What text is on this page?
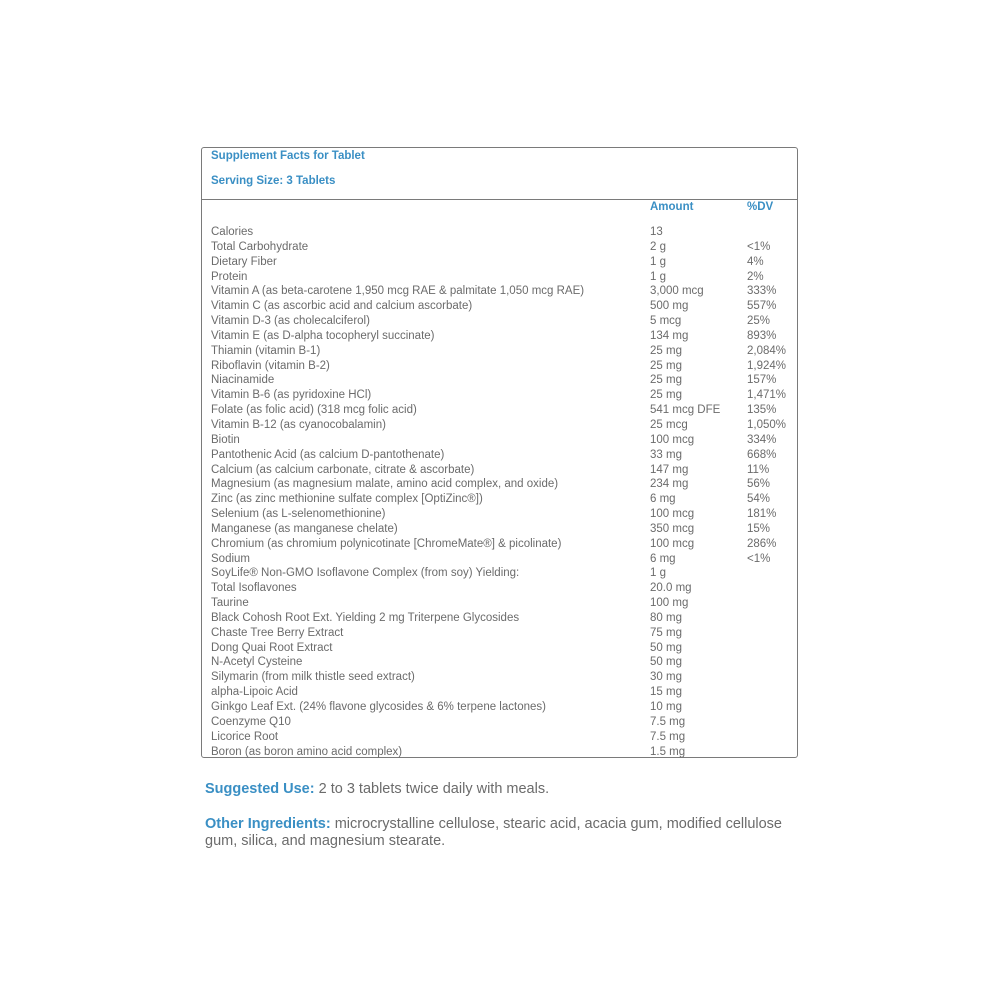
Supplement Facts for Tablet
Serving Size: 3 Tablets
Amount	%DV
Calories	13
Total Carbohydrate	2 g	<1%
Dietary Fiber	1 g	4%
Protein	1 g	2%
Vitamin A (as beta-carotene 1,950 mcg RAE & palmitate 1,050 mcg RAE)	3,000 mcg	333%
Vitamin C (as ascorbic acid and calcium ascorbate)	500 mg	557%
Vitamin D-3 (as cholecalciferol)	5 mcg	25%
Vitamin E (as D-alpha tocopheryl succinate)	134 mg	893%
Thiamin (vitamin B-1)	25 mg	2,084%
Riboflavin (vitamin B-2)	25 mg	1,924%
Niacinamide	25 mg	157%
Vitamin B-6 (as pyridoxine HCl)	25 mg	1,471%
Folate (as folic acid) (318 mcg folic acid)	541 mcg DFE 135%
Vitamin B-12 (as cyanocobalamin)	25 mcg	1,050%
Biotin	100 mcg	334%
Pantothenic Acid (as calcium D-pantothenate)	33 mg	668%
Calcium (as calcium carbonate, citrate & ascorbate)	147 mg	11%
Magnesium (as magnesium malate, amino acid complex, and oxide)	234 mg	56%
Zinc (as zinc methionine sulfate complex [OptiZinc®])	6 mg	54%
Selenium (as L-selenomethionine)	100 mcg	181%
Manganese (as manganese chelate)	350 mcg	15%
Chromium (as chromium polynicotinate [ChromeMate®] & picolinate)	100 mcg	286%
Sodium	6 mg	<1%
SoyLife® Non-GMO Isoflavone Complex (from soy) Yielding:	1 g
Total Isoflavones	20.0 mg
Taurine	100 mg
Black Cohosh Root Ext. Yielding 2 mg Triterpene Glycosides	80 mg
Chaste Tree Berry Extract	75 mg
Dong Quai Root Extract	50 mg
N-Acetyl Cysteine	50 mg
Silymarin (from milk thistle seed extract)	30 mg
alpha-Lipoic Acid	15 mg
Ginkgo Leaf Ext. (24% flavone glycosides & 6% terpene lactones)	10 mg
Coenzyme Q10	7.5 mg
Licorice Root	7.5 mg
Boron (as boron amino acid complex)	1.5 mg
Suggested Use: 2 to 3 tablets twice daily with meals.
Other Ingredients: microcrystalline cellulose, stearic acid, acacia gum, modified cellulose gum, silica, and magnesium stearate.
